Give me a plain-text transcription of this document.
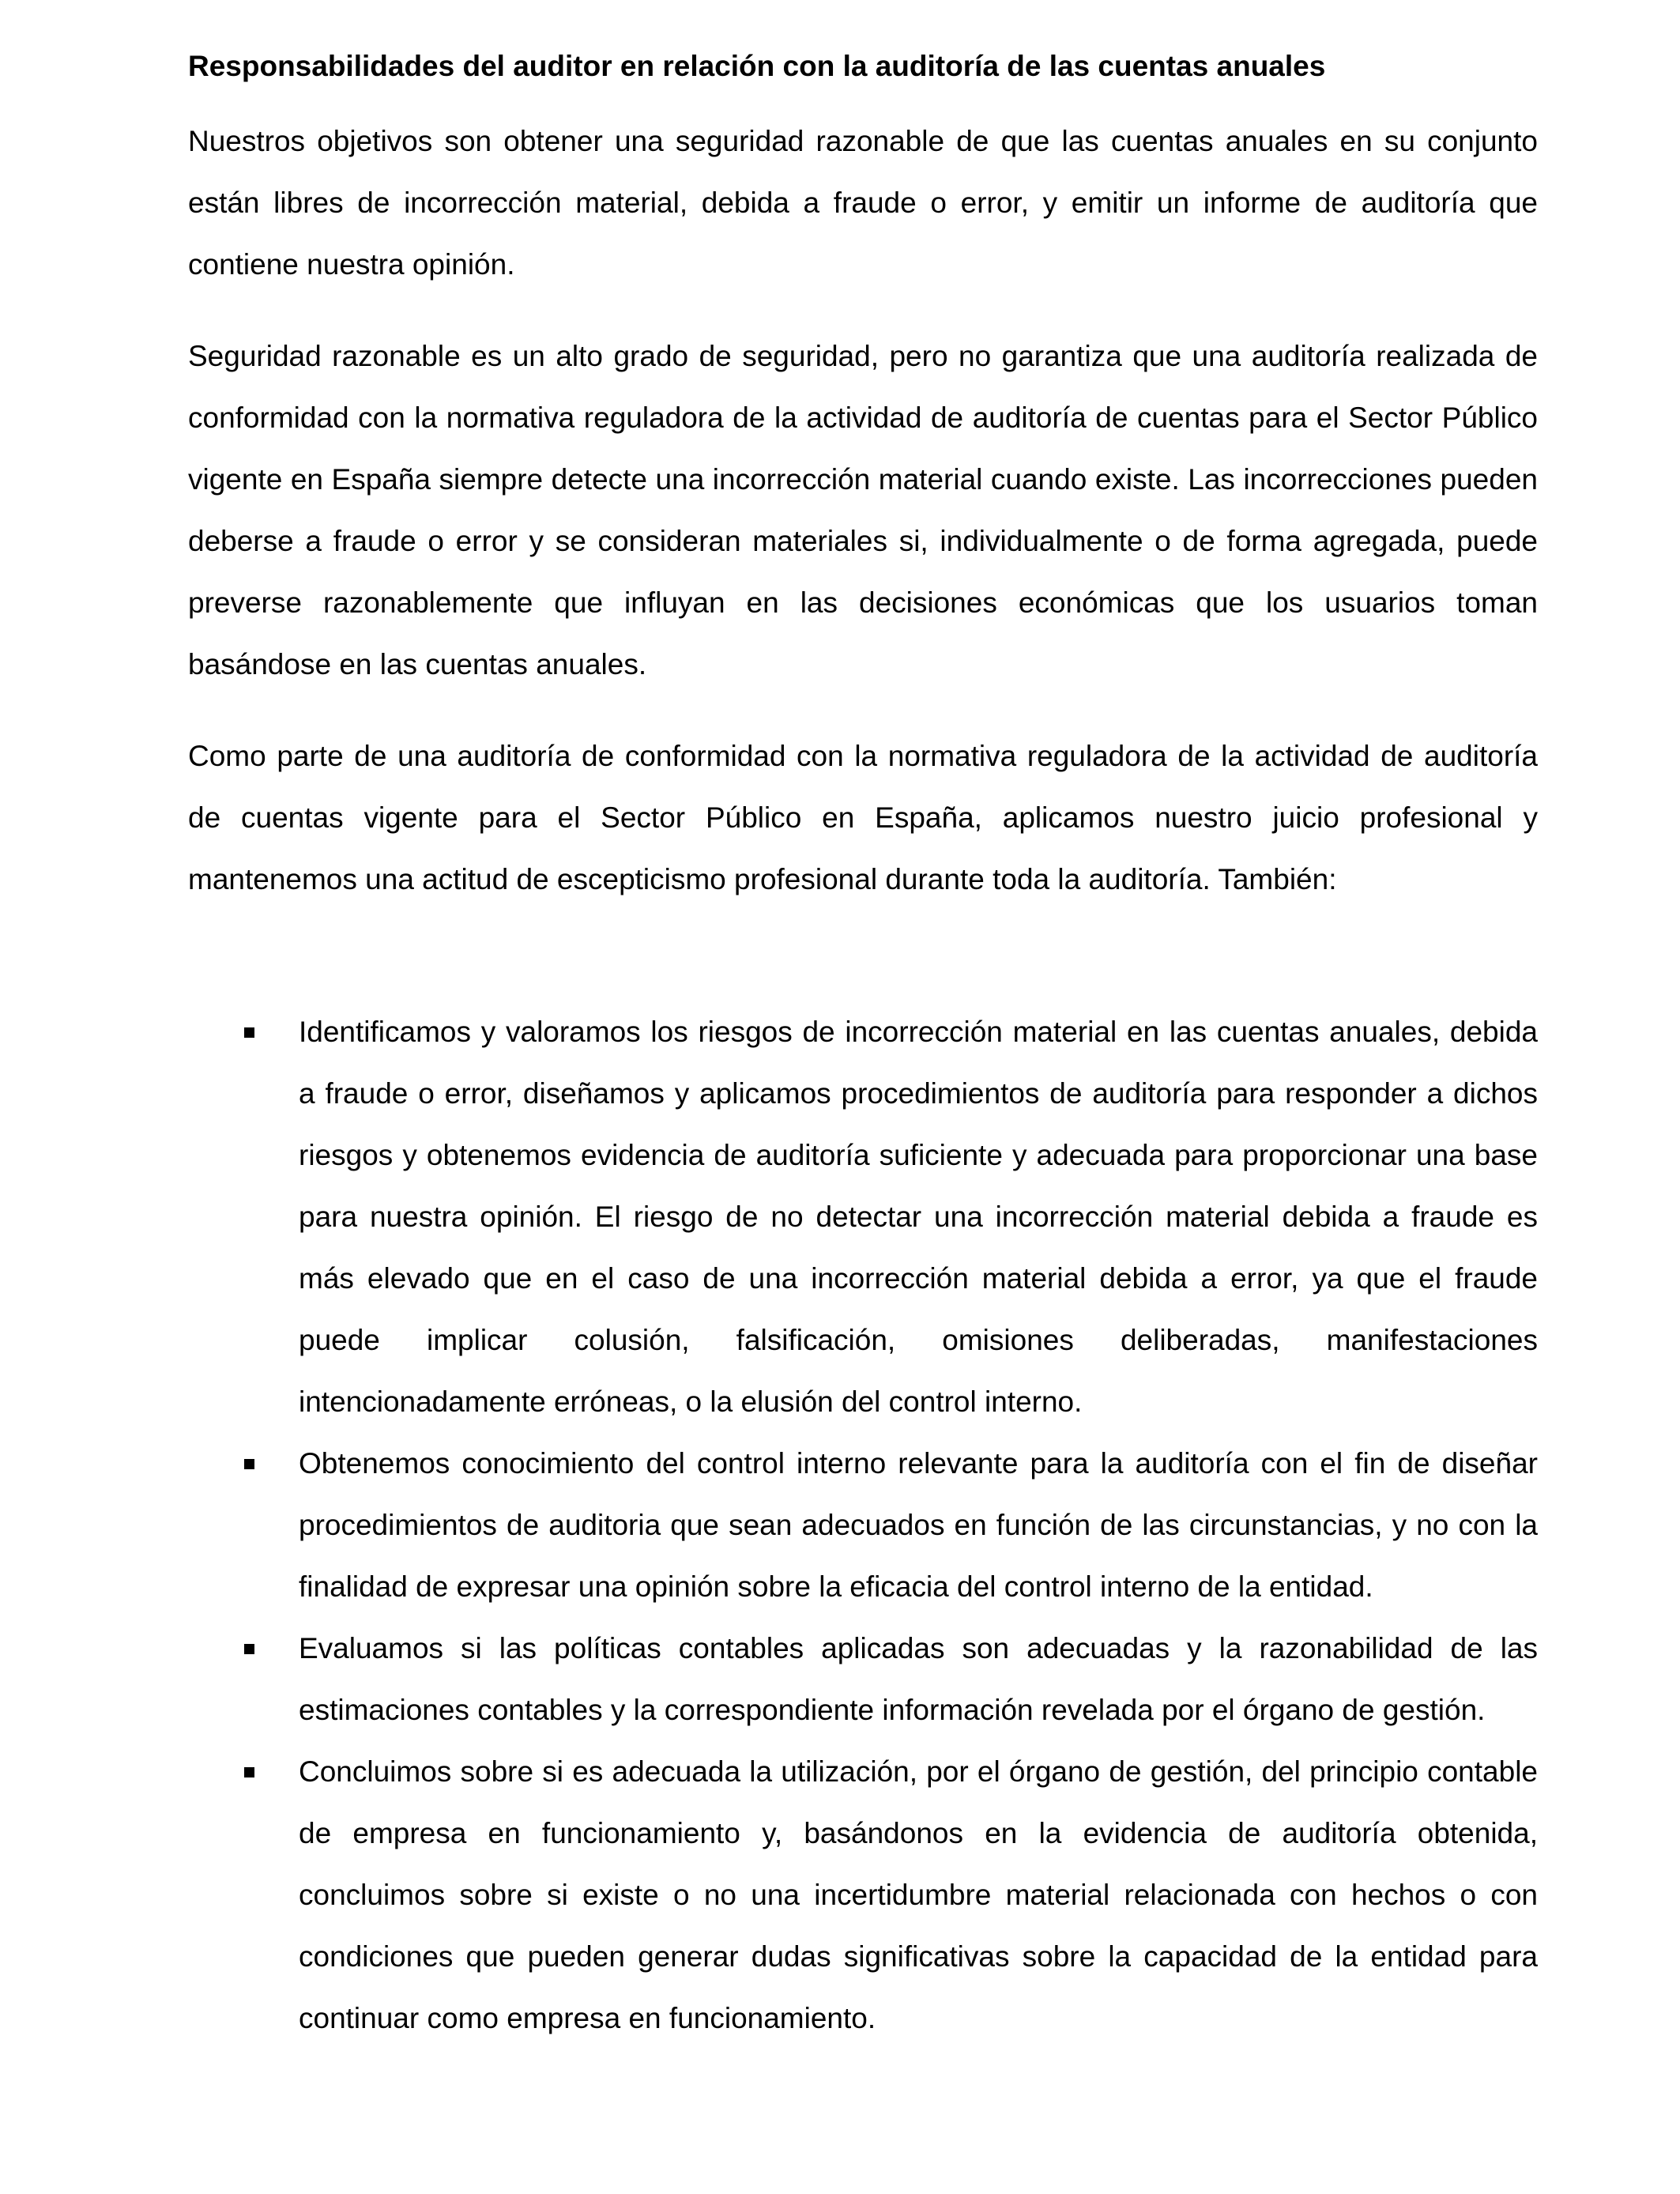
Responsabilidades del auditor en relación con la auditoría de las cuentas anuales

Nuestros objetivos son obtener una seguridad razonable de que las cuentas anuales en su conjunto están libres de incorrección material, debida a fraude o error, y emitir un informe de auditoría que contiene nuestra opinión.

Seguridad razonable es un alto grado de seguridad, pero no garantiza que una auditoría realizada de conformidad con la normativa reguladora de la actividad de auditoría de cuentas para el Sector Público vigente en España siempre detecte una incorrección material cuando existe. Las incorrecciones pueden deberse a fraude o error y se consideran materiales si, individualmente o de forma agregada, puede preverse razonablemente que influyan en las decisiones económicas que los usuarios toman basándose en las cuentas anuales.

Como parte de una auditoría de conformidad con la normativa reguladora de la actividad de auditoría de cuentas vigente para el Sector Público en España, aplicamos nuestro juicio profesional y mantenemos una actitud de escepticismo profesional durante toda la auditoría. También:

Identificamos y valoramos los riesgos de incorrección material en las cuentas anuales, debida a fraude o error, diseñamos y aplicamos procedimientos de auditoría para responder a dichos riesgos y obtenemos evidencia de auditoría suficiente y adecuada para proporcionar una base para nuestra opinión. El riesgo de no detectar una incorrección material debida a fraude es más elevado que en el caso de una incorrección material debida a error, ya que el fraude puede implicar colusión, falsificación, omisiones deliberadas, manifestaciones intencionadamente erróneas, o la elusión del control interno.
Obtenemos conocimiento del control interno relevante para la auditoría con el fin de diseñar procedimientos de auditoria que sean adecuados en función de las circunstancias, y no con la finalidad de expresar una opinión sobre la eficacia del control interno de la entidad.
Evaluamos si las políticas contables aplicadas son adecuadas y la razonabilidad de las estimaciones contables y la correspondiente información revelada por el órgano de gestión.
Concluimos sobre si es adecuada la utilización, por el órgano de gestión, del principio contable de empresa en funcionamiento y, basándonos en la evidencia de auditoría obtenida, concluimos sobre si existe o no una incertidumbre material relacionada con hechos o con condiciones que pueden generar dudas significativas sobre la capacidad de la entidad para continuar como empresa en funcionamiento.
